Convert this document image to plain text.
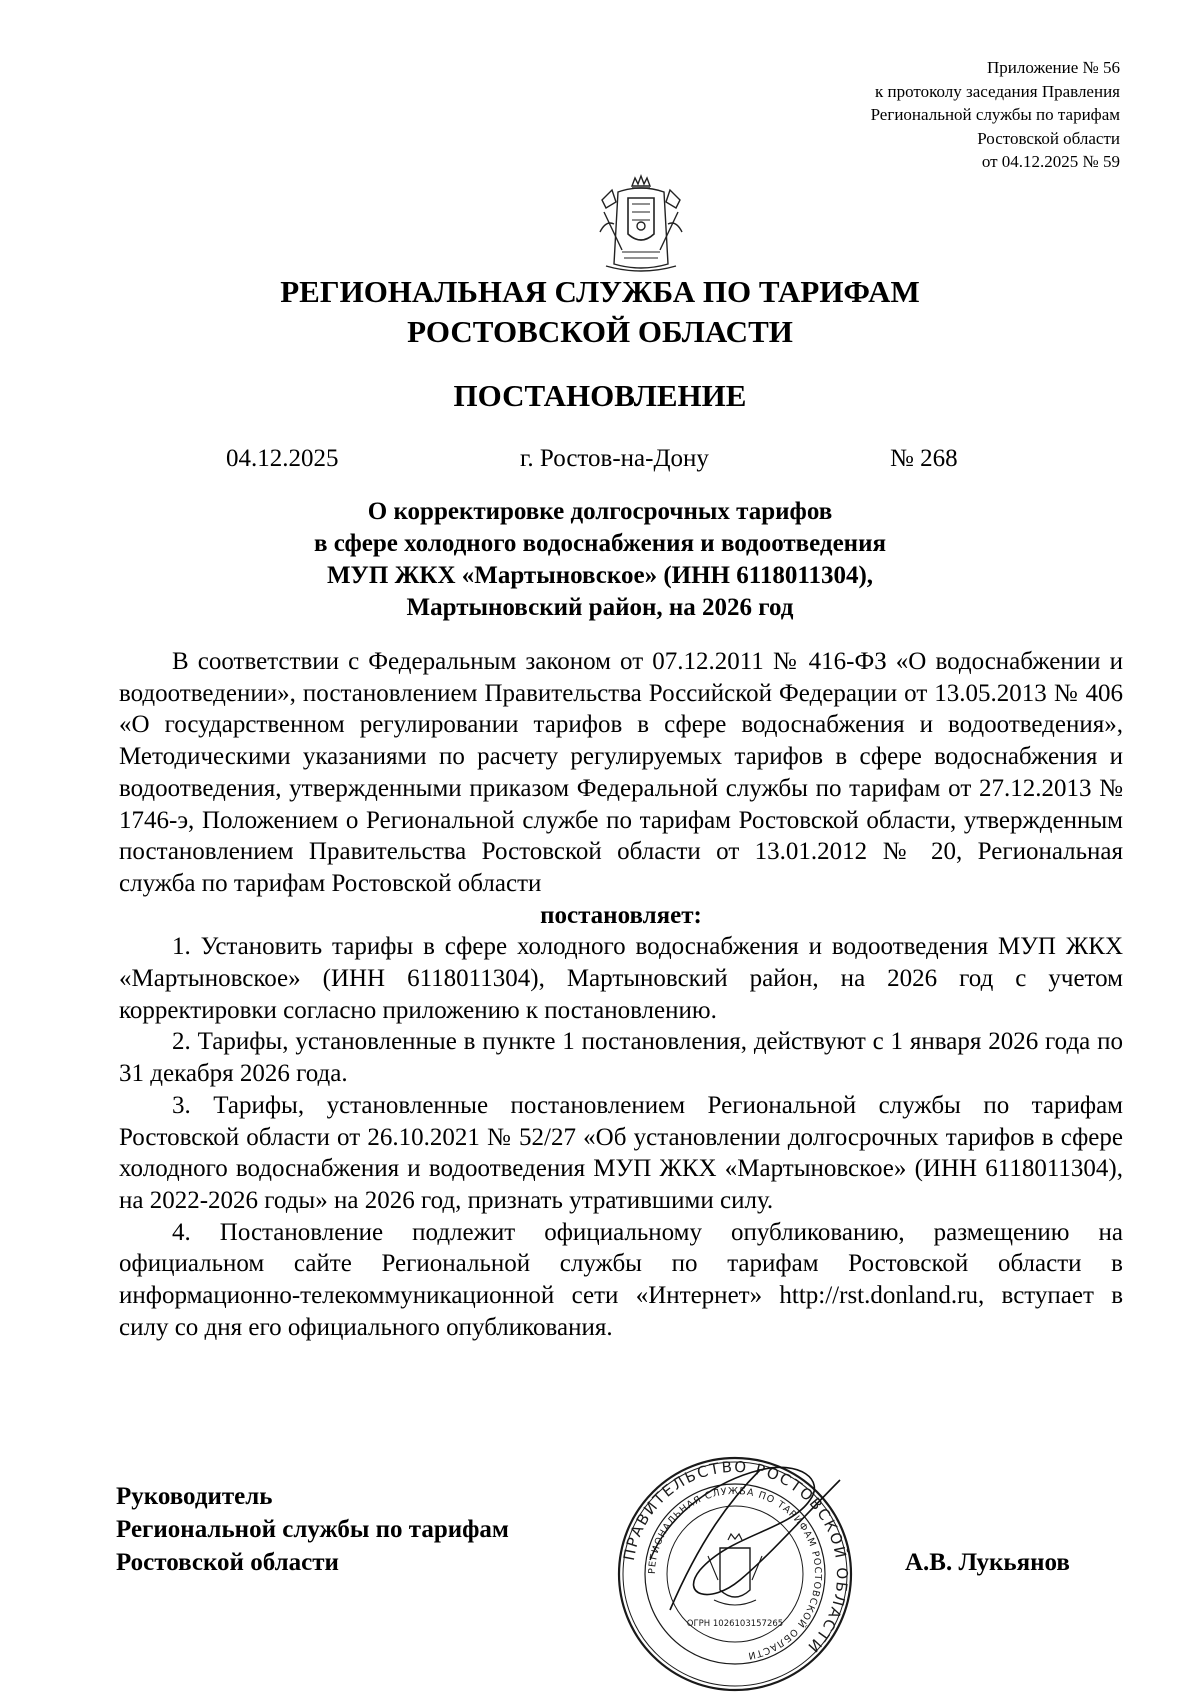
Приложение № 56
к протоколу заседания Правления
Региональной службы по тарифам
Ростовской области
от 04.12.2025 № 59
РЕГИОНАЛЬНАЯ СЛУЖБА ПО ТАРИФАМ
РОСТОВСКОЙ ОБЛАСТИ
ПОСТАНОВЛЕНИЕ
04.12.2025	г. Ростов-на-Дону	№ 268
О корректировке долгосрочных тарифов
в сфере холодного водоснабжения и водоотведения
МУП ЖКХ «Мартыновское» (ИНН 6118011304),
Мартыновский район, на 2026 год

В соответствии с Федеральным законом от 07.12.2011 № 416-ФЗ «О водоснабжении и водоотведении», постановлением Правительства Российской Федерации от 13.05.2013 № 406 «О государственном регулировании тарифов в сфере водоснабжения и водоотведения», Методическими указаниями по расчету регулируемых тарифов в сфере водоснабжения и водоотведения, утвержденными приказом Федеральной службы по тарифам от 27.12.2013 № 1746-э, Положением о Региональной службе по тарифам Ростовской области, утвержденным постановлением Правительства Ростовской области от 13.01.2012 № 20, Региональная служба по тарифам Ростовской области

постановляет:

1. Установить тарифы в сфере холодного водоснабжения и водоотведения МУП ЖКХ «Мартыновское» (ИНН 6118011304), Мартыновский район, на 2026 год с учетом корректировки согласно приложению к постановлению.

2. Тарифы, установленные в пункте 1 постановления, действуют с 1 января 2026 года по 31 декабря 2026 года.

3. Тарифы, установленные постановлением Региональной службы по тарифам Ростовской области от 26.10.2021 № 52/27 «Об установлении долгосрочных тарифов в сфере холодного водоснабжения и водоотведения МУП ЖКХ «Мартыновское» (ИНН 6118011304), на 2022-2026 годы» на 2026 год, признать утратившими силу.

4. Постановление подлежит официальному опубликованию, размещению на официальном сайте Региональной службы по тарифам Ростовской области в информационно-телекоммуникационной сети «Интернет» http://rst.donland.ru, вступает в силу со дня его официального опубликования.

Руководитель
Региональной службы по тарифам
Ростовской области	ПРАВИТЕЛЬСТВО РОСТОВСКОЙ ОБЛАСТИ
РЕГИОНАЛЬНАЯ СЛУЖБА ПО ТАРИФАМ РОСТОВСКОЙ ОБЛАСТИ
ОГРН 1026103157265
А.В. Лукьянов
